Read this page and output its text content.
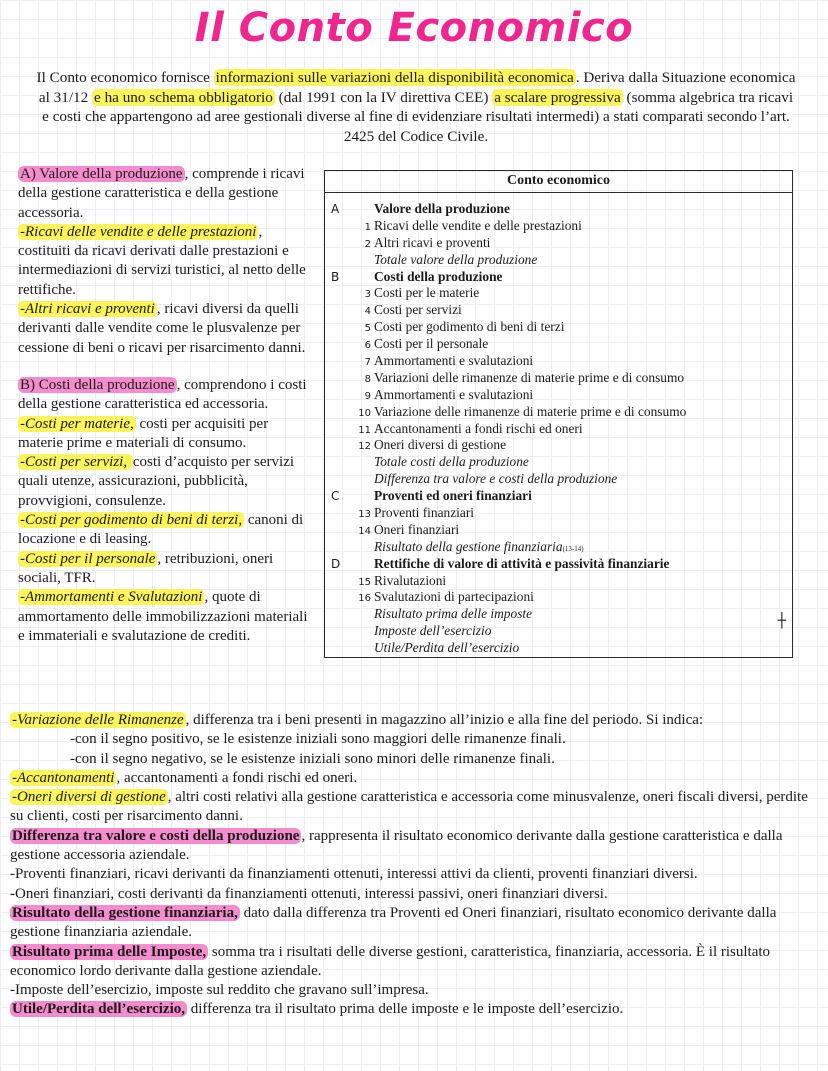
Il Conto Economico
Il Conto economico fornisce informazioni sulle variazioni della disponibilità economica . Deriva dalla Situazione economica al 31/12 e ha uno schema obbligatorio (dal 1991 con la IV direttiva CEE) a scalare progressiva (somma algebrica tra ricavi e costi che appartengono ad aree gestionali diverse al fine di evidenziare risultati intermedi) a stati comparati secondo l’art. 2425 del Codice Civile.

A) Valore della produzione , comprende i ricavi della gestione caratteristica e della gestione accessoria.

-Ricavi delle vendite e delle prestazioni , costituiti da ricavi derivati dalle prestazioni e intermediazioni di servizi turistici, al netto delle rettifiche.

-Altri ricavi e proventi , ricavi diversi da quelli derivanti dalle vendite come le plusvalenze per cessione di beni o ricavi per risarcimento danni.

B) Costi della produzione , comprendono i costi della gestione caratteristica ed accessoria.

-Costi per materie, costi per acquisiti per materie prime e materiali di consumo.

-Costi per servizi, costi d’acquisto per servizi quali utenze, assicurazioni, pubblicità, provvigioni, consulenze.

-Costi per godimento di beni di terzi, canoni di locazione e di leasing.

-Costi per il personale , retribuzioni, oneri sociali, TFR.

-Ammortamenti e Svalutazioni , quote di ammortamento delle immobilizzazioni materiali e immateriali e svalutazione de crediti.

Conto economico
A	Valore della produzione
1 Ricavi delle vendite e delle prestazioni
2 Altri ricavi e proventi
Totale valore della produzione
B	Costi della produzione
3 Costi per le materie
4 Costi per servizi
5 Costi per godimento di beni di terzi
6 Costi per il personale
7 Ammortamenti e svalutazioni
8 Variazioni delle rimanenze di materie prime e di consumo
9 Ammortamenti e svalutazioni
10 Variazione delle rimanenze di materie prime e di consumo
11 Accantonamenti a fondi rischi ed oneri
12 Oneri diversi di gestione
Totale costi della produzione
Differenza tra valore e costi della produzione
C	Proventi ed oneri finanziari
13 Proventi finanziari
14 Oneri finanziari
Risultato della gestione finanziaria (13-14)
D	Rettifiche di valore di attività e passività finanziarie
15 Rivalutazioni
16 Svalutazioni di partecipazioni
Risultato prima delle imposte
Imposte dell’esercizio
Utile/Perdita dell’esercizio
┼

-Variazione delle Rimanenze , differenza tra i beni presenti in magazzino all’inizio e alla fine del periodo. Si indica:

-con il segno positivo, se le esistenze iniziali sono maggiori delle rimanenze finali.

-con il segno negativo, se le esistenze iniziali sono minori delle rimanenze finali.

-Accantonamenti , accantonamenti a fondi rischi ed oneri.

-Oneri diversi di gestione , altri costi relativi alla gestione caratteristica e accessoria come minusvalenze, oneri fiscali diversi, perdite su clienti, costi per risarcimento danni.

Differenza tra valore e costi della produzione , rappresenta il risultato economico derivante dalla gestione caratteristica e dalla gestione accessoria aziendale.

-Proventi finanziari, ricavi derivanti da finanziamenti ottenuti, interessi attivi da clienti, proventi finanziari diversi.

-Oneri finanziari, costi derivanti da finanziamenti ottenuti, interessi passivi, oneri finanziari diversi.

Risultato della gestione finanziaria, dato dalla differenza tra Proventi ed Oneri finanziari, risultato economico derivante dalla gestione finanziaria aziendale.

Risultato prima delle Imposte, somma tra i risultati delle diverse gestioni, caratteristica, finanziaria, accessoria. È il risultato economico lordo derivante dalla gestione aziendale.

-Imposte dell’esercizio, imposte sul reddito che gravano sull’impresa.

Utile/Perdita dell’esercizio, differenza tra il risultato prima delle imposte e le imposte dell’esercizio.
